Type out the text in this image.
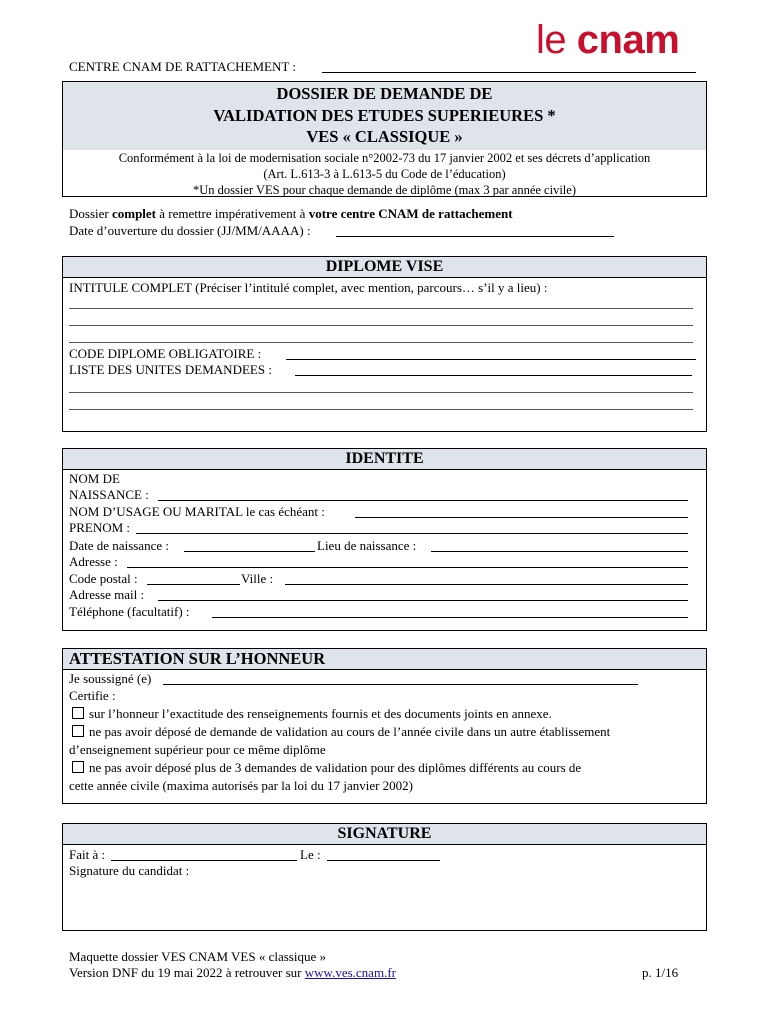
le cnam
CENTRE CNAM DE RATTACHEMENT :
DOSSIER DE DEMANDE DE
VALIDATION DES ETUDES SUPERIEURES *
VES « CLASSIQUE »
Conformément à la loi de modernisation sociale n°2002-73 du 17 janvier 2002 et ses décrets d’application
(Art. L.613-3 à L.613-5 du Code de l’éducation)
*Un dossier VES pour chaque demande de diplôme (max 3 par année civile)
Dossier complet à remettre impérativement à votre centre CNAM de rattachement
Date d’ouverture du dossier (JJ/MM/AAAA) :
DIPLOME VISE
INTITULE COMPLET (Préciser l’intitulé complet, avec mention, parcours… s’il y a lieu) :
CODE DIPLOME OBLIGATOIRE :
LISTE DES UNITES DEMANDEES :
IDENTITE
NOM DE
NAISSANCE :
NOM D’USAGE OU MARITAL le cas échéant :
PRENOM :
Date de naissance :	Lieu de naissance :
Adresse :
Code postal :	Ville :
Adresse mail :
Téléphone (facultatif) :
ATTESTATION SUR L’HONNEUR
Je soussigné (e)
Certifie :
sur l’honneur l’exactitude des renseignements fournis et des documents joints en annexe.
ne pas avoir déposé de demande de validation au cours de l’année civile dans un autre établissement
d’enseignement supérieur pour ce même diplôme
ne pas avoir déposé plus de 3 demandes de validation pour des diplômes différents au cours de
cette année civile (maxima autorisés par la loi du 17 janvier 2002)
SIGNATURE
Fait à :	Le :
Signature du candidat :
Maquette dossier VES CNAM VES « classique »
Version DNF du 19 mai 2022 à retrouver sur www.ves.cnam.fr	p. 1/16
